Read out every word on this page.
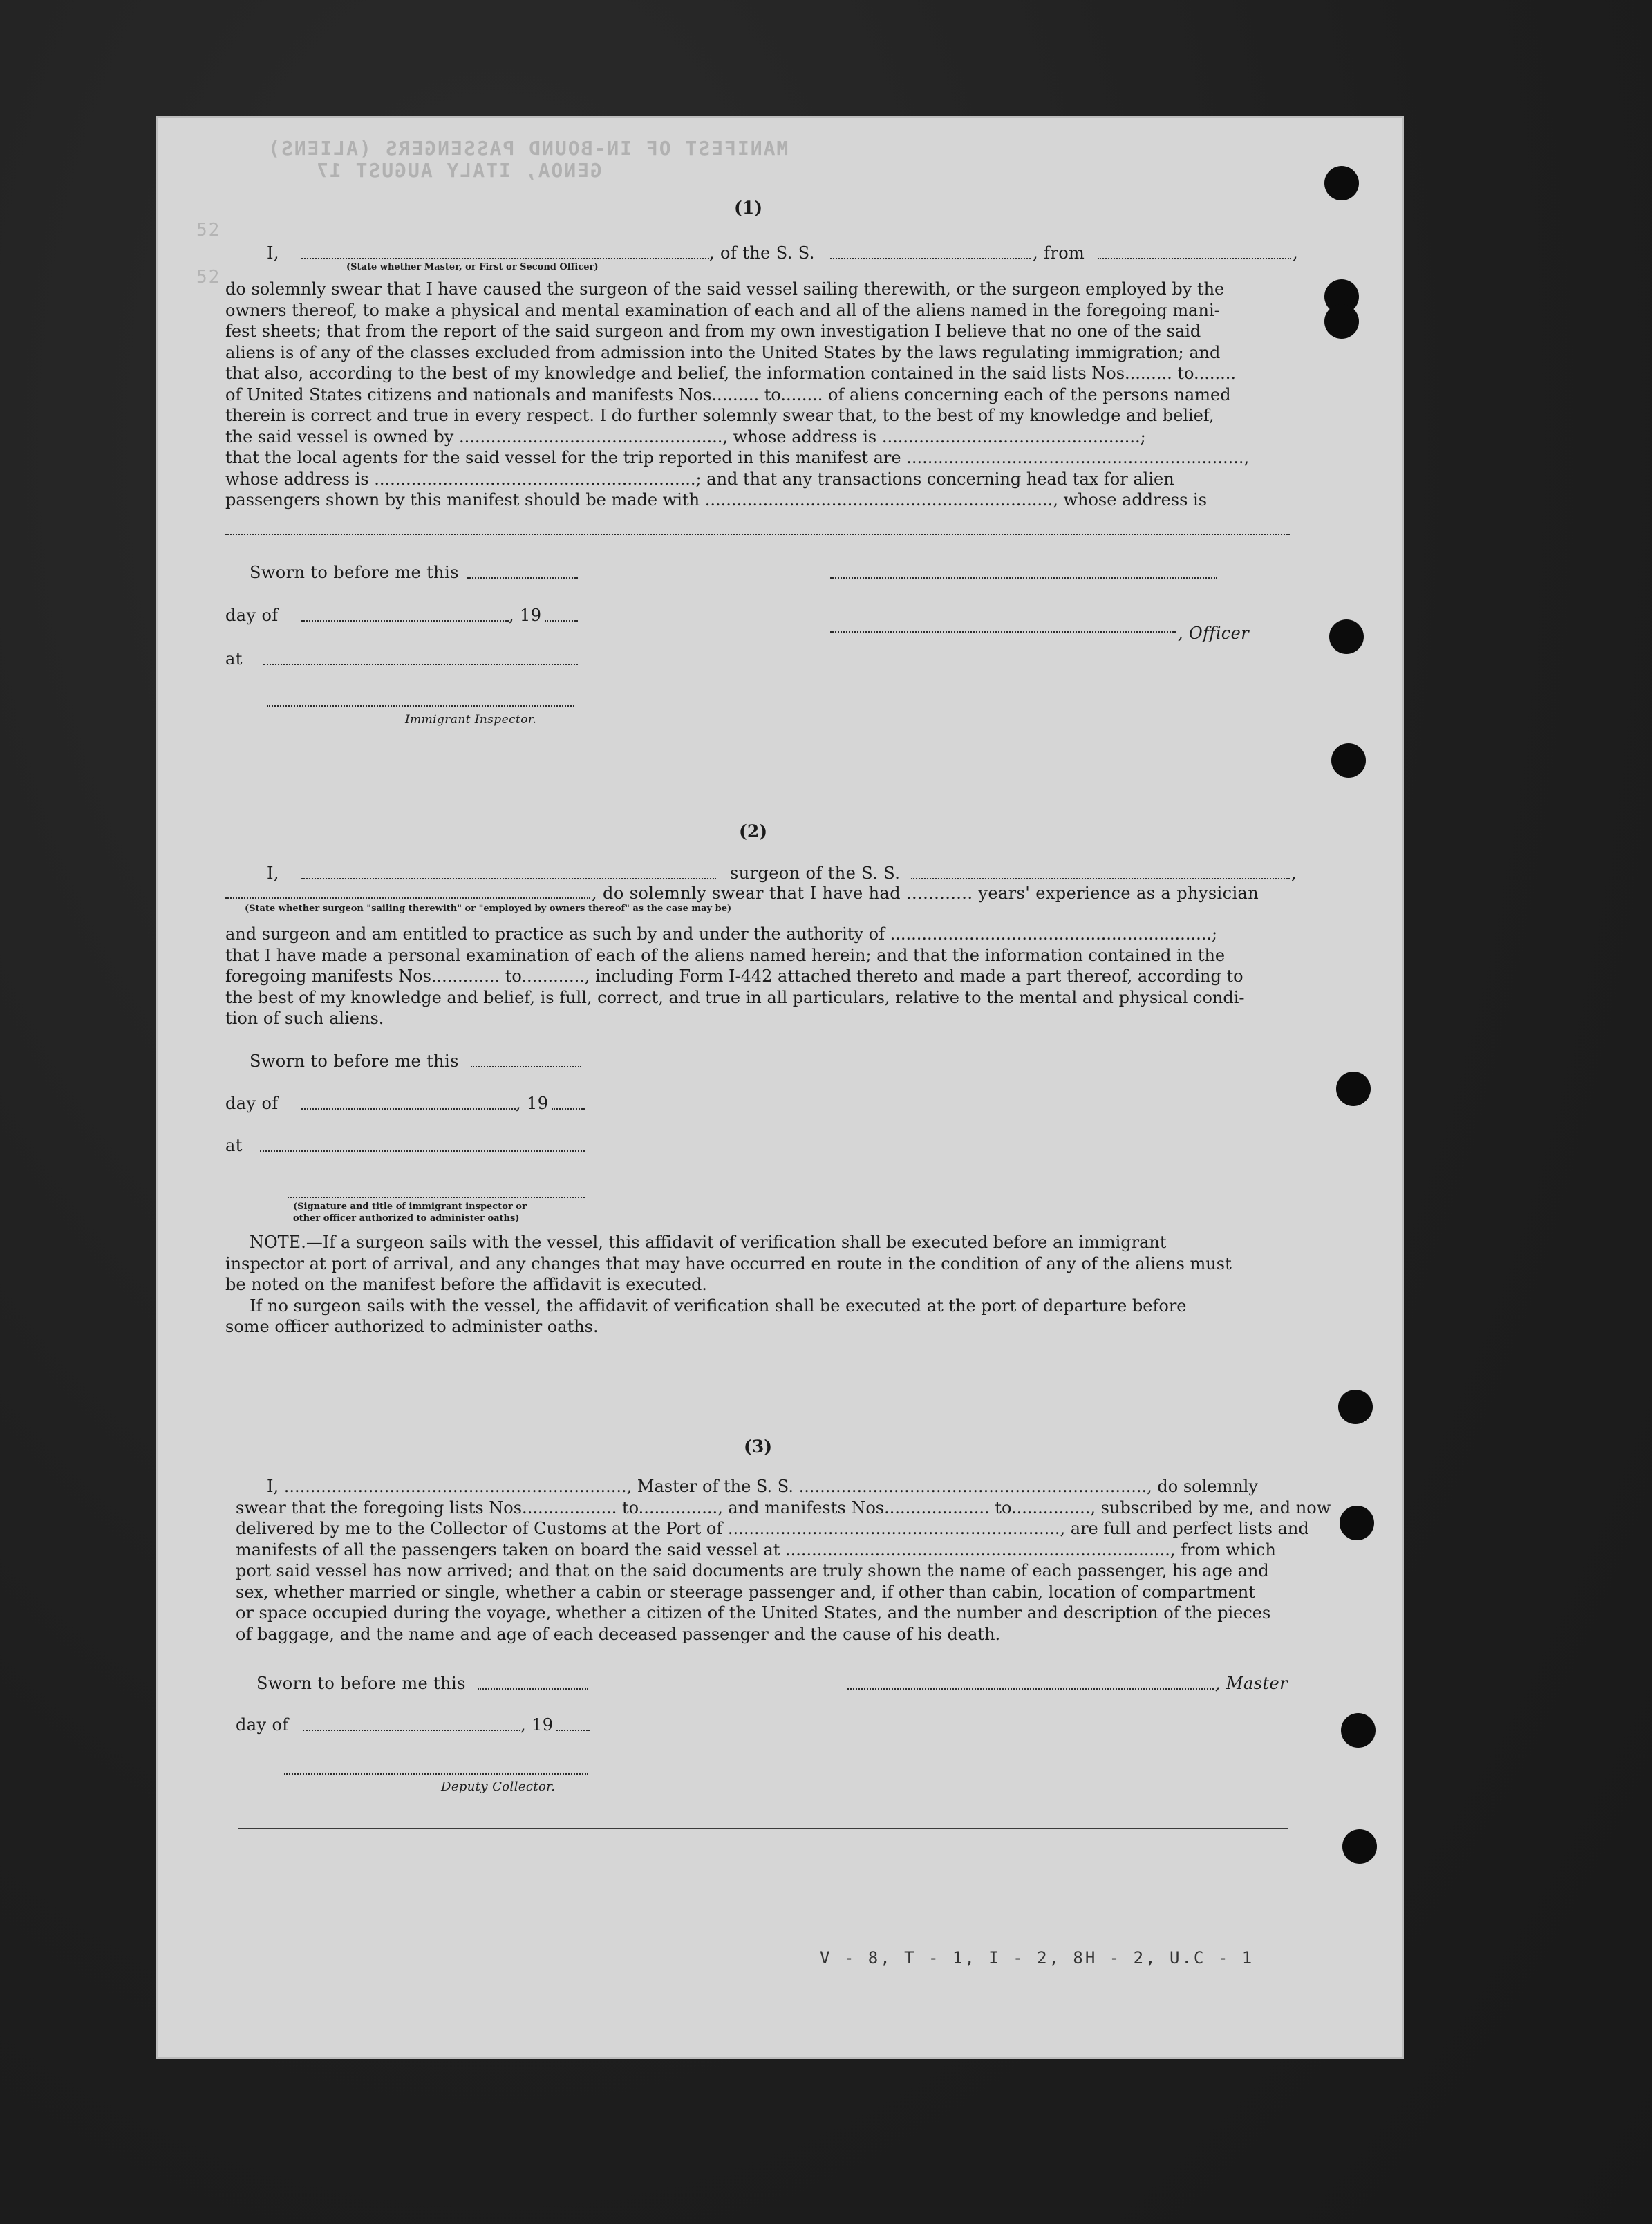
MANIFEST OF IN-BOUND PASSENGERS (ALIENS)
GENOA, ITALY AUGUST 17
52
52
(1)
I,	, of the S. S.	, from	,
(State whether Master, or First or Second Officer)
do solemnly swear that I have caused the surgeon of the said vessel sailing therewith, or the surgeon employed by the
owners thereof, to make a physical and mental examination of each and all of the aliens named in the foregoing mani-
fest sheets; that from the report of the said surgeon and from my own investigation I believe that no one of the said
aliens is of any of the classes excluded from admission into the United States by the laws regulating immigration; and
that also, according to the best of my knowledge and belief, the information contained in the said lists Nos......... to........
of United States citizens and nationals and manifests Nos......... to........ of aliens concerning each of the persons named
therein is correct and true in every respect. I do further solemnly swear that, to the best of my knowledge and belief,
the said vessel is owned by .................................................., whose address is .................................................;
that the local agents for the said vessel for the trip reported in this manifest are ................................................................,
whose address is .............................................................; and that any transactions concerning head tax for alien
passengers shown by this manifest should be made with .................................................................., whose address is
Sworn to before me this
day of	, 19
, Officer
at
Immigrant Inspector.
(2)
I,	surgeon of the S. S.	,
, do solemnly swear that I have had ............ years' experience as a physician
(State whether surgeon "sailing therewith" or "employed by owners thereof" as the case may be)
and surgeon and am entitled to practice as such by and under the authority of .............................................................;
that I have made a personal examination of each of the aliens named herein; and that the information contained in the
foregoing manifests Nos............. to............, including Form I-442 attached thereto and made a part thereof, according to
the best of my knowledge and belief, is full, correct, and true in all particulars, relative to the mental and physical condi-
tion of such aliens.
Sworn to before me this
day of	, 19
at
(Signature and title of immigrant inspector or
other officer authorized to administer oaths)
NOTE.—If a surgeon sails with the vessel, this affidavit of verification shall be executed before an immigrant
inspector at port of arrival, and any changes that may have occurred en route in the condition of any of the aliens must
be noted on the manifest before the affidavit is executed.
If no surgeon sails with the vessel, the affidavit of verification shall be executed at the port of departure before
some officer authorized to administer oaths.
(3)
I, ................................................................., Master of the S. S. .................................................................., do solemnly
swear that the foregoing lists Nos.................. to..............., and manifests Nos.................... to..............., subscribed by me, and now
delivered by me to the Collector of Customs at the Port of ..............................................................., are full and perfect lists and
manifests of all the passengers taken on board the said vessel at ........................................................................., from which
port said vessel has now arrived; and that on the said documents are truly shown the name of each passenger, his age and
sex, whether married or single, whether a cabin or steerage passenger and, if other than cabin, location of compartment
or space occupied during the voyage, whether a citizen of the United States, and the number and description of the pieces
of baggage, and the name and age of each deceased passenger and the cause of his death.
Sworn to before me this	, Master
day of	, 19
Deputy Collector.
V - 8, T - 1, I - 2, 8H - 2, U.C - 1
